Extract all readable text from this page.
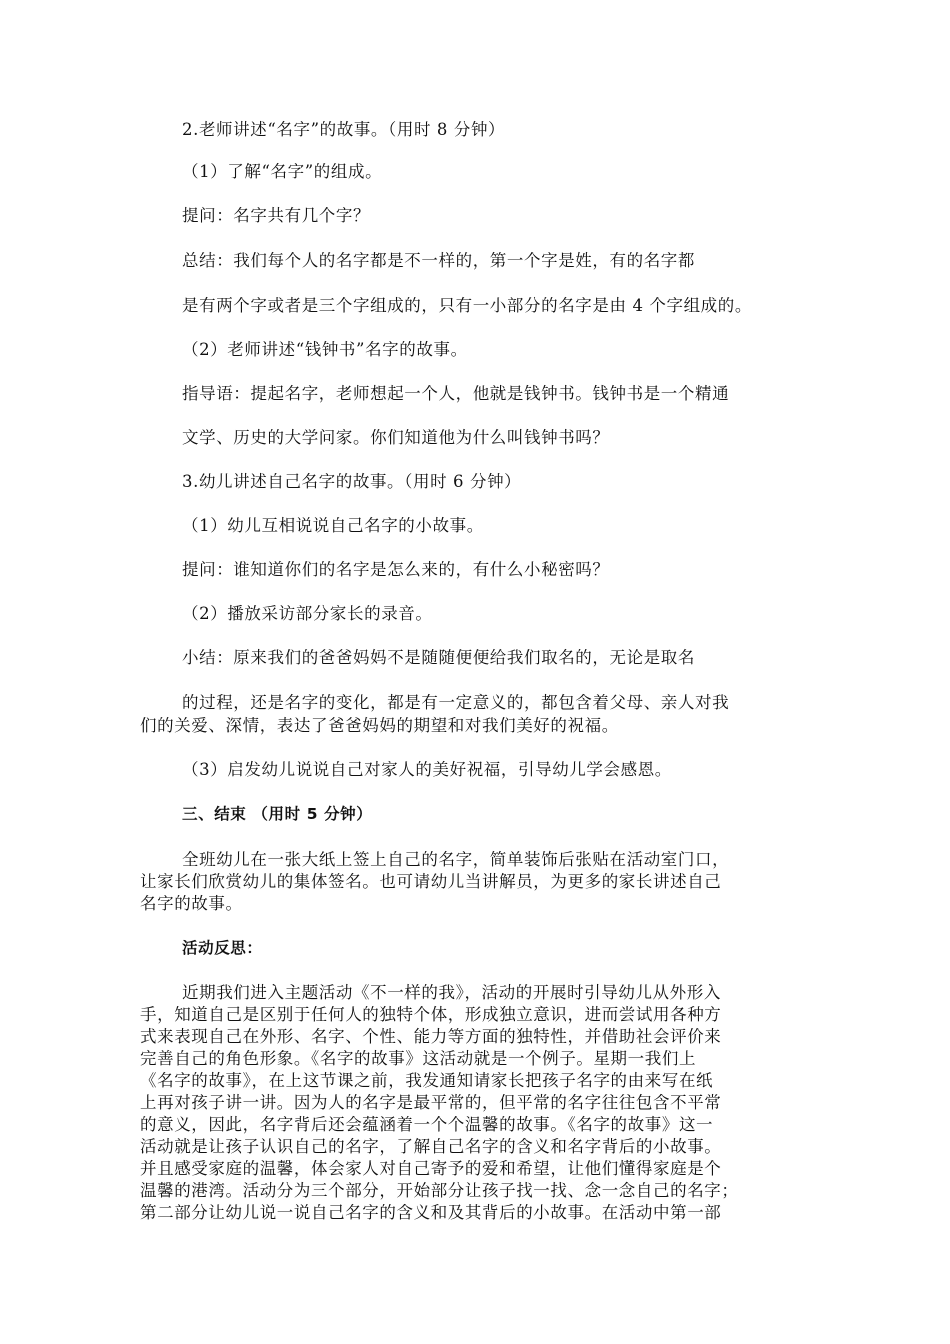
2.老师讲述“名字”的故事。（用时 8 分钟）

（1）了解“名字”的组成。

提问：名字共有几个字？

总结：我们每个人的名字都是不一样的，第一个字是姓，有的名字都

是有两个字或者是三个字组成的，只有一小部分的名字是由 4 个字组成的。

（2）老师讲述“钱钟书”名字的故事。

指导语：提起名字，老师想起一个人，他就是钱钟书。钱钟书是一个精通

文学、历史的大学问家。你们知道他为什么叫钱钟书吗？

3.幼儿讲述自己名字的故事。（用时 6 分钟）

（1）幼儿互相说说自己名字的小故事。

提问：谁知道你们的名字是怎么来的，有什么小秘密吗？

（2）播放采访部分家长的录音。

小结：原来我们的爸爸妈妈不是随随便便给我们取名的，无论是取名

的过程，还是名字的变化，都是有一定意义的，都包含着父母、亲人对我

们的关爱、深情，表达了爸爸妈妈的期望和对我们美好的祝福。

（3）启发幼儿说说自己对家人的美好祝福，引导幼儿学会感恩。

三、结束 （用时 5 分钟）

全班幼儿在一张大纸上签上自己的名字，简单装饰后张贴在活动室门口，

让家长们欣赏幼儿的集体签名。也可请幼儿当讲解员，为更多的家长讲述自己

名字的故事。

活动反思：

近期我们进入主题活动《不一样的我》，活动的开展时引导幼儿从外形入

手，知道自己是区别于任何人的独特个体，形成独立意识，进而尝试用各种方

式来表现自己在外形、名字、个性、能力等方面的独特性，并借助社会评价来

完善自己的角色形象。《名字的故事》这活动就是一个例子。星期一我们上

《名字的故事》，在上这节课之前，我发通知请家长把孩子名字的由来写在纸

上再对孩子讲一讲。因为人的名字是最平常的，但平常的名字往往包含不平常

的意义，因此，名字背后还会蕴涵着一个个温馨的故事。《名字的故事》这一

活动就是让孩子认识自己的名字，了解自己名字的含义和名字背后的小故事。

并且感受家庭的温馨，体会家人对自己寄予的爱和希望，让他们懂得家庭是个

温馨的港湾。活动分为三个部分，开始部分让孩子找一找、念一念自己的名字；

第二部分让幼儿说一说自己名字的含义和及其背后的小故事。在活动中第一部
